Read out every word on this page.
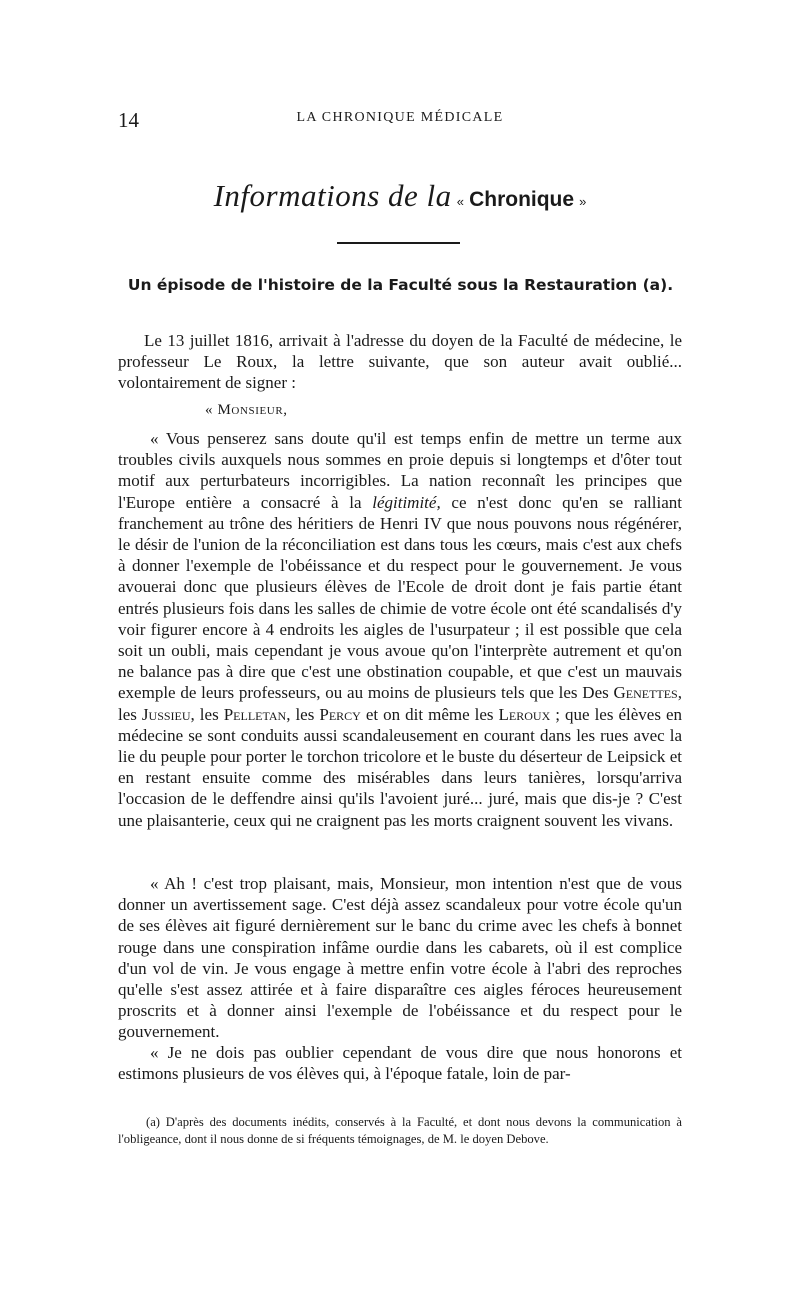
14	LA CHRONIQUE MÉDICALE
Informations de la « Chronique »
Un épisode de l'histoire de la Faculté sous la Restauration (a).
Le 13 juillet 1816, arrivait à l'adresse du doyen de la Faculté de médecine, le professeur Le Roux, la lettre suivante, que son auteur avait oublié... volontairement de signer :
« Monsieur,
« Vous penserez sans doute qu'il est temps enfin de mettre un terme aux troubles civils auxquels nous sommes en proie depuis si longtemps et d'ôter tout motif aux perturbateurs incorrigibles. La nation reconnaît les principes que l'Europe entière a consacré à la légitimité, ce n'est donc qu'en se ralliant franchement au trône des héritiers de Henri IV que nous pouvons nous régénérer, le désir de l'union de la réconciliation est dans tous les cœurs, mais c'est aux chefs à donner l'exemple de l'obéissance et du respect pour le gouvernement. Je vous avouerai donc que plusieurs élèves de l'Ecole de droit dont je fais partie étant entrés plusieurs fois dans les salles de chimie de votre école ont été scandalisés d'y voir figurer encore à 4 endroits les aigles de l'usurpateur ; il est possible que cela soit un oubli, mais cependant je vous avoue qu'on l'interprète autrement et qu'on ne balance pas à dire que c'est une obstination coupable, et que c'est un mauvais exemple de leurs professeurs, ou au moins de plusieurs tels que les Des Genettes, les Jussieu, les Pelletan, les Percy et on dit même les Leroux ; que les élèves en médecine se sont conduits aussi scandaleusement en courant dans les rues avec la lie du peuple pour porter le torchon tricolore et le buste du déserteur de Leipsick et en restant ensuite comme des misérables dans leurs tanières, lorsqu'arriva l'occasion de le deffendre ainsi qu'ils l'avoient juré... juré, mais que dis-je ? C'est une plaisanterie, ceux qui ne craignent pas les morts craignent souvent les vivans.
« Ah ! c'est trop plaisant, mais, Monsieur, mon intention n'est que de vous donner un avertissement sage. C'est déjà assez scandaleux pour votre école qu'un de ses élèves ait figuré dernièrement sur le banc du crime avec les chefs à bonnet rouge dans une conspiration infâme ourdie dans les cabarets, où il est complice d'un vol de vin. Je vous engage à mettre enfin votre école à l'abri des reproches qu'elle s'est assez attirée et à faire disparaître ces aigles féroces heureusement proscrits et à donner ainsi l'exemple de l'obéissance et du respect pour le gouvernement.
« Je ne dois pas oublier cependant de vous dire que nous honorons et estimons plusieurs de vos élèves qui, à l'époque fatale, loin de par-
(a) D'après des documents inédits, conservés à la Faculté, et dont nous devons la communication à l'obligeance, dont il nous donne de si fréquents témoignages, de M. le doyen Debove.
